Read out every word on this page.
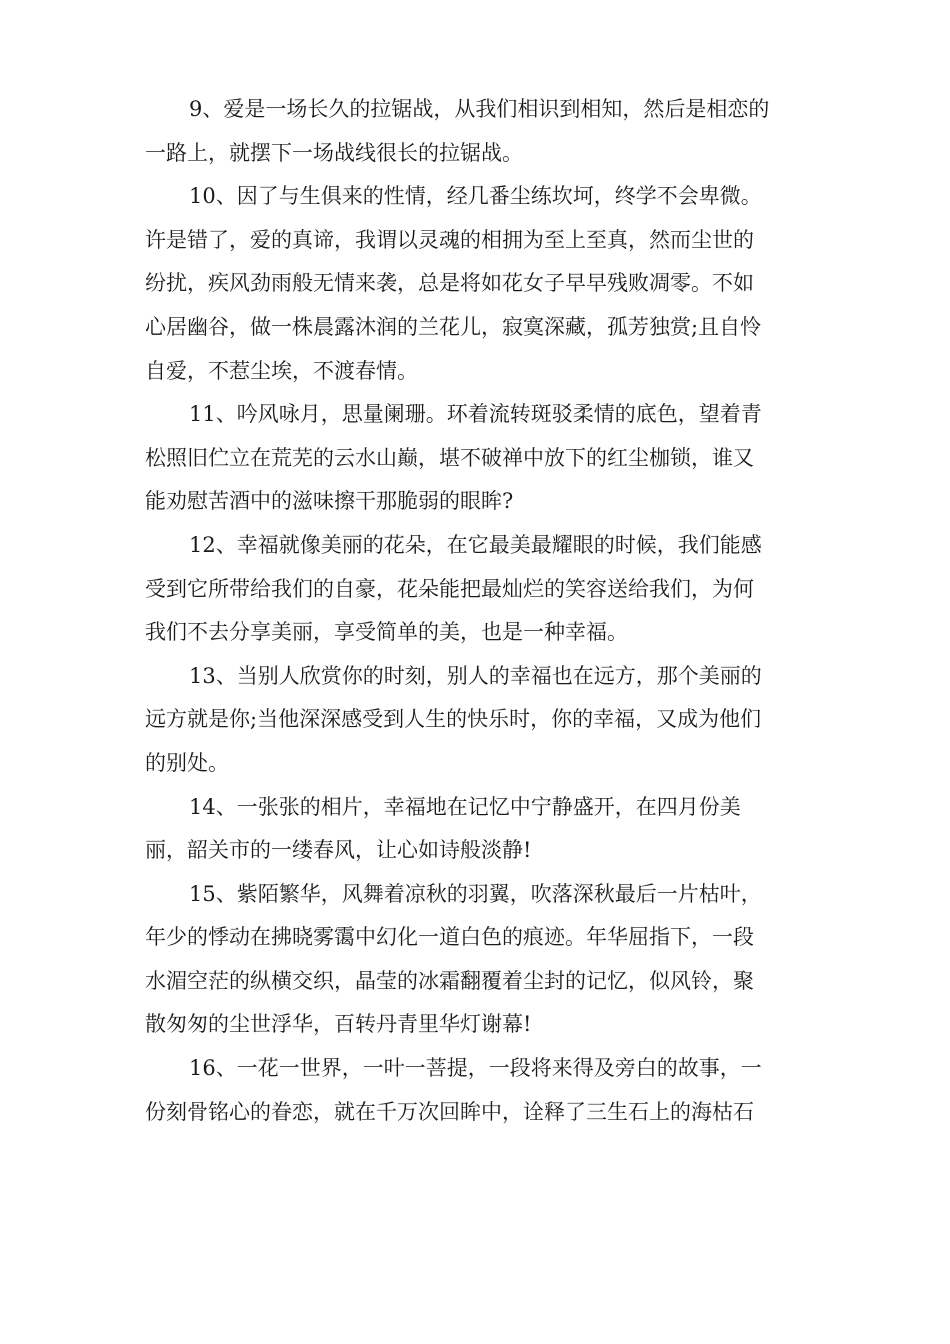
9、爱是一场长久的拉锯战，从我们相识到相知，然后是相恋的
一路上，就摆下一场战线很长的拉锯战。

10、因了与生俱来的性情，经几番尘练坎坷，终学不会卑微。
许是错了，爱的真谛，我谓以灵魂的相拥为至上至真，然而尘世的
纷扰，疾风劲雨般无情来袭，总是将如花女子早早残败凋零。不如
心居幽谷，做一株晨露沐润的兰花儿，寂寞深藏，孤芳独赏;且自怜
自爱，不惹尘埃，不渡春情。

11、吟风咏月，思量阑珊。环着流转斑驳柔情的底色，望着青
松照旧伫立在荒芜的云水山巅，堪不破禅中放下的红尘枷锁，谁又
能劝慰苦酒中的滋味擦干那脆弱的眼眸?

12、幸福就像美丽的花朵，在它最美最耀眼的时候，我们能感
受到它所带给我们的自豪，花朵能把最灿烂的笑容送给我们，为何
我们不去分享美丽，享受简单的美，也是一种幸福。

13、当别人欣赏你的时刻，别人的幸福也在远方，那个美丽的
远方就是你;当他深深感受到人生的快乐时，你的幸福，又成为他们
的别处。

14、一张张的相片，幸福地在记忆中宁静盛开，在四月份美
丽，韶关市的一缕春风，让心如诗般淡静!

15、紫陌繁华，风舞着凉秋的羽翼，吹落深秋最后一片枯叶，
年少的悸动在拂晓雾霭中幻化一道白色的痕迹。年华屈指下，一段
水湄空茫的纵横交织，晶莹的冰霜翻覆着尘封的记忆，似风铃，聚
散匆匆的尘世浮华，百转丹青里华灯谢幕!

16、一花一世界，一叶一菩提，一段将来得及旁白的故事，一
份刻骨铭心的眷恋，就在千万次回眸中，诠释了三生石上的海枯石
